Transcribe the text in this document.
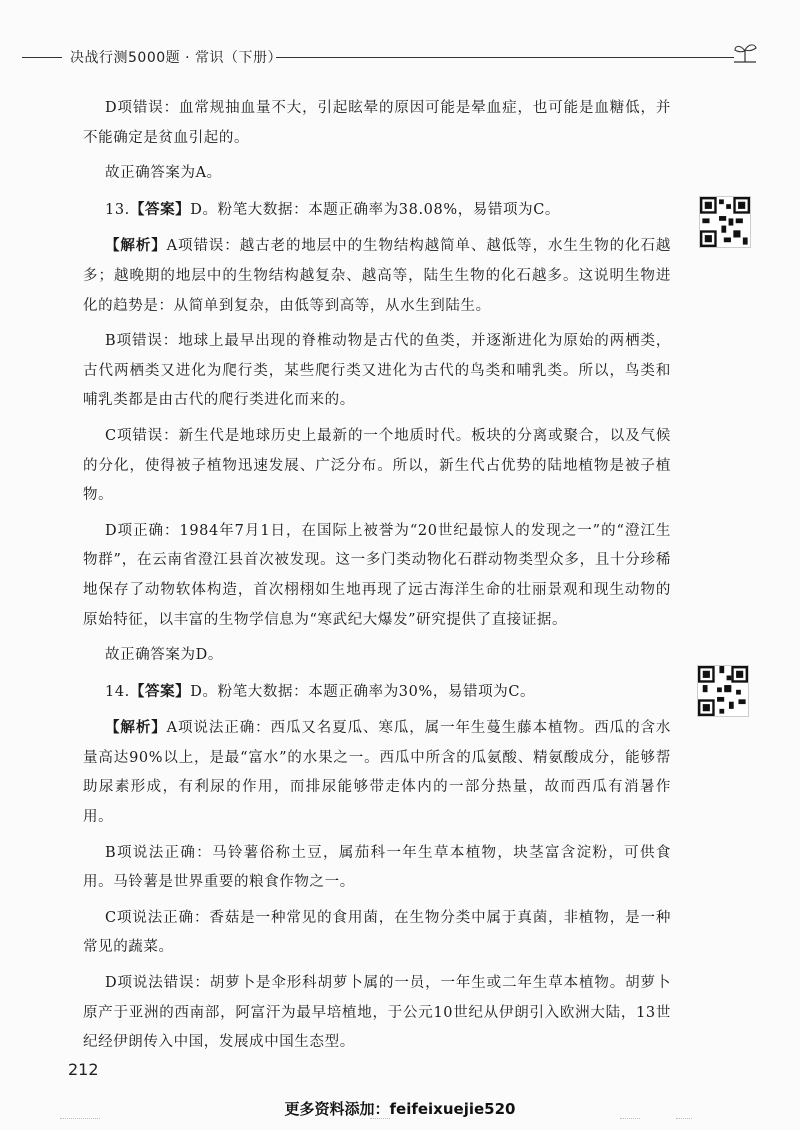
决战行测5000题 · 常识（下册）

D项错误：血常规抽血量不大，引起眩晕的原因可能是晕血症，也可能是血糖低，并不能确定是贫血引起的。

故正确答案为A。

13.【答案】D。粉笔大数据：本题正确率为38.08%，易错项为C。

【解析】A项错误：越古老的地层中的生物结构越简单、越低等，水生生物的化石越多；越晚期的地层中的生物结构越复杂、越高等，陆生生物的化石越多。这说明生物进化的趋势是：从简单到复杂，由低等到高等，从水生到陆生。

B项错误：地球上最早出现的脊椎动物是古代的鱼类，并逐渐进化为原始的两栖类，古代两栖类又进化为爬行类，某些爬行类又进化为古代的鸟类和哺乳类。所以，鸟类和哺乳类都是由古代的爬行类进化而来的。

C项错误：新生代是地球历史上最新的一个地质时代。板块的分离或聚合，以及气候的分化，使得被子植物迅速发展、广泛分布。所以，新生代占优势的陆地植物是被子植物。

D项正确：1984年7月1日，在国际上被誉为“20世纪最惊人的发现之一”的“澄江生物群”，在云南省澄江县首次被发现。这一多门类动物化石群动物类型众多，且十分珍稀地保存了动物软体构造，首次栩栩如生地再现了远古海洋生命的壮丽景观和现生动物的原始特征，以丰富的生物学信息为“寒武纪大爆发”研究提供了直接证据。

故正确答案为D。

14.【答案】D。粉笔大数据：本题正确率为30%，易错项为C。

【解析】A项说法正确：西瓜又名夏瓜、寒瓜，属一年生蔓生藤本植物。西瓜的含水量高达90%以上，是最“富水”的水果之一。西瓜中所含的瓜氨酸、精氨酸成分，能够帮助尿素形成，有利尿的作用，而排尿能够带走体内的一部分热量，故而西瓜有消暑作用。

B项说法正确：马铃薯俗称土豆，属茄科一年生草本植物，块茎富含淀粉，可供食用。马铃薯是世界重要的粮食作物之一。

C项说法正确：香菇是一种常见的食用菌，在生物分类中属于真菌，非植物，是一种常见的蔬菜。

D项说法错误：胡萝卜是伞形科胡萝卜属的一员，一年生或二年生草本植物。胡萝卜原产于亚洲的西南部，阿富汗为最早培植地，于公元10世纪从伊朗引入欧洲大陆，13世纪经伊朗传入中国，发展成中国生态型。

212
更多资料添加：feifeixuejie520
